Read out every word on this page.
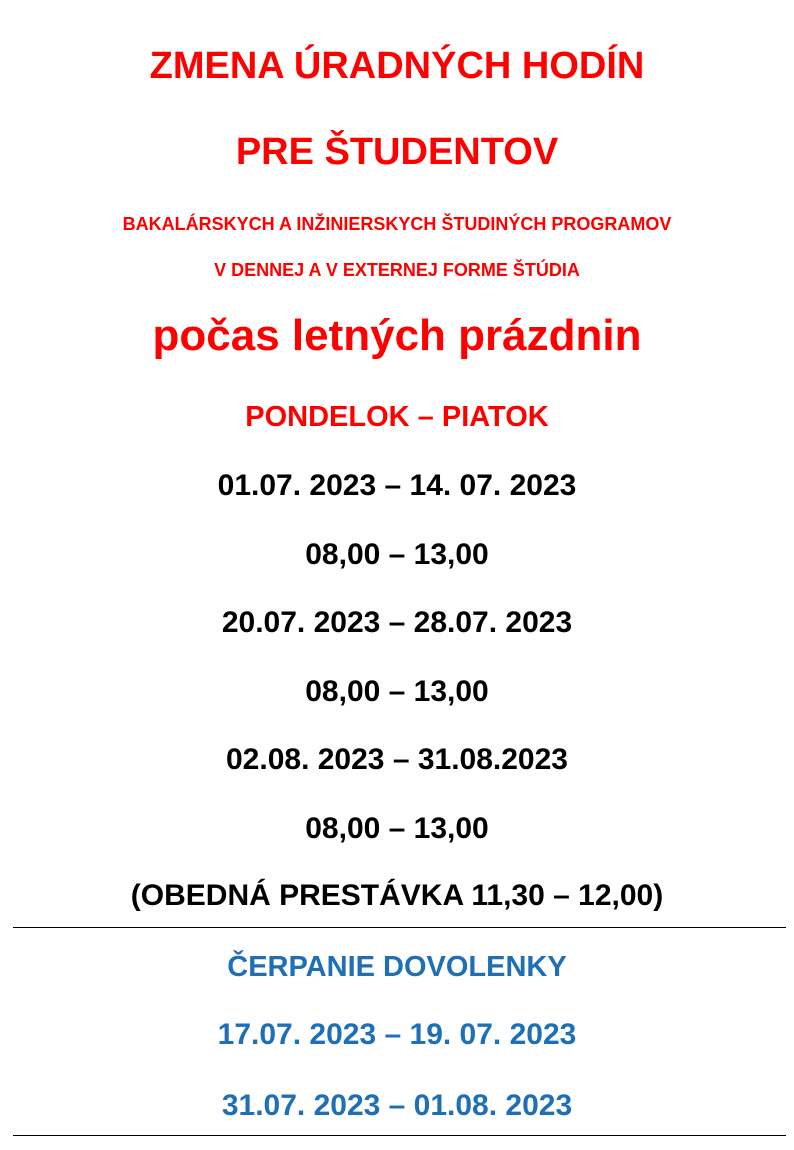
ZMENA ÚRADNÝCH HODÍN
PRE ŠTUDENTOV
BAKALÁRSKYCH A INŽINIERSKYCH ŠTUDINÝCH PROGRAMOV
V DENNEJ A V EXTERNEJ FORME ŠTÚDIA
počas letných prázdnin
PONDELOK – PIATOK
01.07. 2023 – 14. 07. 2023
08,00 – 13,00
20.07. 2023 – 28.07. 2023
08,00 – 13,00
02.08. 2023 – 31.08.2023
08,00 – 13,00
(OBEDNÁ PRESTÁVKA 11,30 – 12,00)
ČERPANIE DOVOLENKY
17.07. 2023 – 19. 07. 2023
31.07. 2023 – 01.08. 2023
